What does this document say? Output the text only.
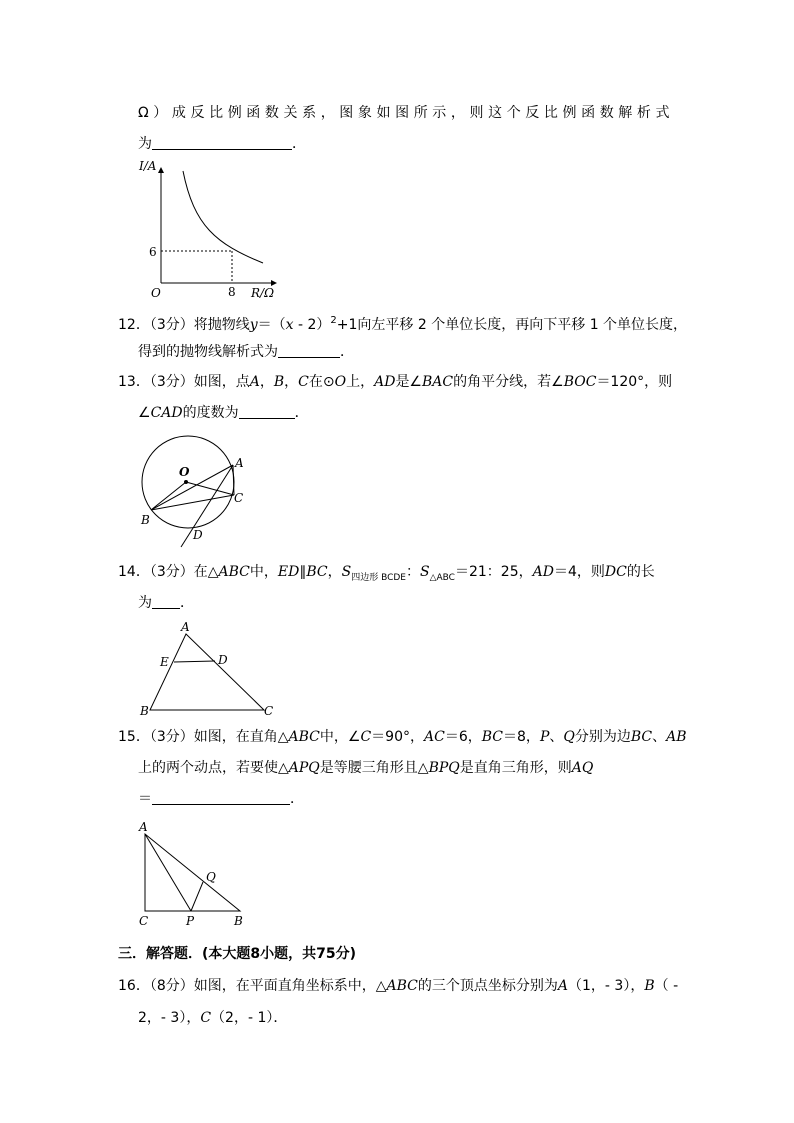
Ω）成反比例函数关系，图象如图所示，则这个反比例函数解析式
为	．
I/A
R/Ω
O
6
8
12．（3分）将抛物线y＝（x - 2）$^2$+1向左平移 2 个单位长度，再向下平移 1 个单位长度，
得到的抛物线解析式为	．
13．（3分）如图，点A，B，C在⊙O上，AD是∠BAC的角平分线，若∠BOC＝120°，则
∠CAD的度数为	．
O
A
B
C
D
14．（3分）在△ABC中，ED∥BC，$S_{四边形 BCDE}$：$S_{\triangle ABC}=21$：25，AD＝4，则DC的长
为 ．
A
E	D
B	C
15．（3分）如图，在直角△ABC中，∠C＝90°，AC＝6，BC＝8，P、Q分别为边BC、AB
上的两个动点，若要使△APQ是等腰三角形且△BPQ是直角三角形，则AQ
＝	．
A
Q
C	P	B
三．解答题．(本大题8小题，共75分)
16．（8分）如图，在平面直角坐标系中，△ABC的三个顶点坐标分别为A（1，- 3），B（ -
2，- 3），C（2，- 1）．
